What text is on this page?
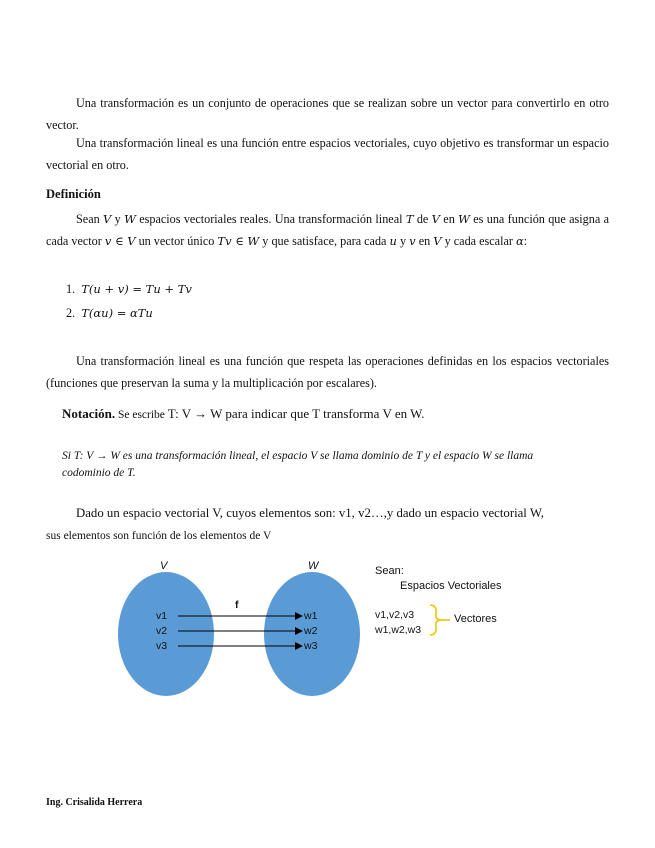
Una transformación es un conjunto de operaciones que se realizan sobre un vector para convertirlo en otro vector.
Una transformación lineal es una función entre espacios vectoriales, cuyo objetivo es transformar un espacio vectorial en otro.
Definición
Sean V y W espacios vectoriales reales. Una transformación lineal T de V en W es una función que asigna a cada vector v ∈ V un vector único Tv ∈ W y que satisface, para cada u y v en V y cada escalar α:
1. T(u + v) = Tu + Tv
2. T(αu) = αTu
Una transformación lineal es una función que respeta las operaciones definidas en los espacios vectoriales (funciones que preservan la suma y la multiplicación por escalares).
Notación. Se escribe T: V → W para indicar que T transforma V en W.
Si T: V → W es una transformación lineal, el espacio V se llama dominio de T y el espacio W se llama codominio de T.
Dado un espacio vectorial V, cuyos elementos son: v1, v2…,y dado un espacio vectorial W,
sus elementos son función de los elementos de V
V	W
f
v1
v2
v3
w1
w2
w3
Sean:
Espacios Vectoriales
v1,v2,v3
w1,w2,w3
Vectores
Ing. Crisalida Herrera
